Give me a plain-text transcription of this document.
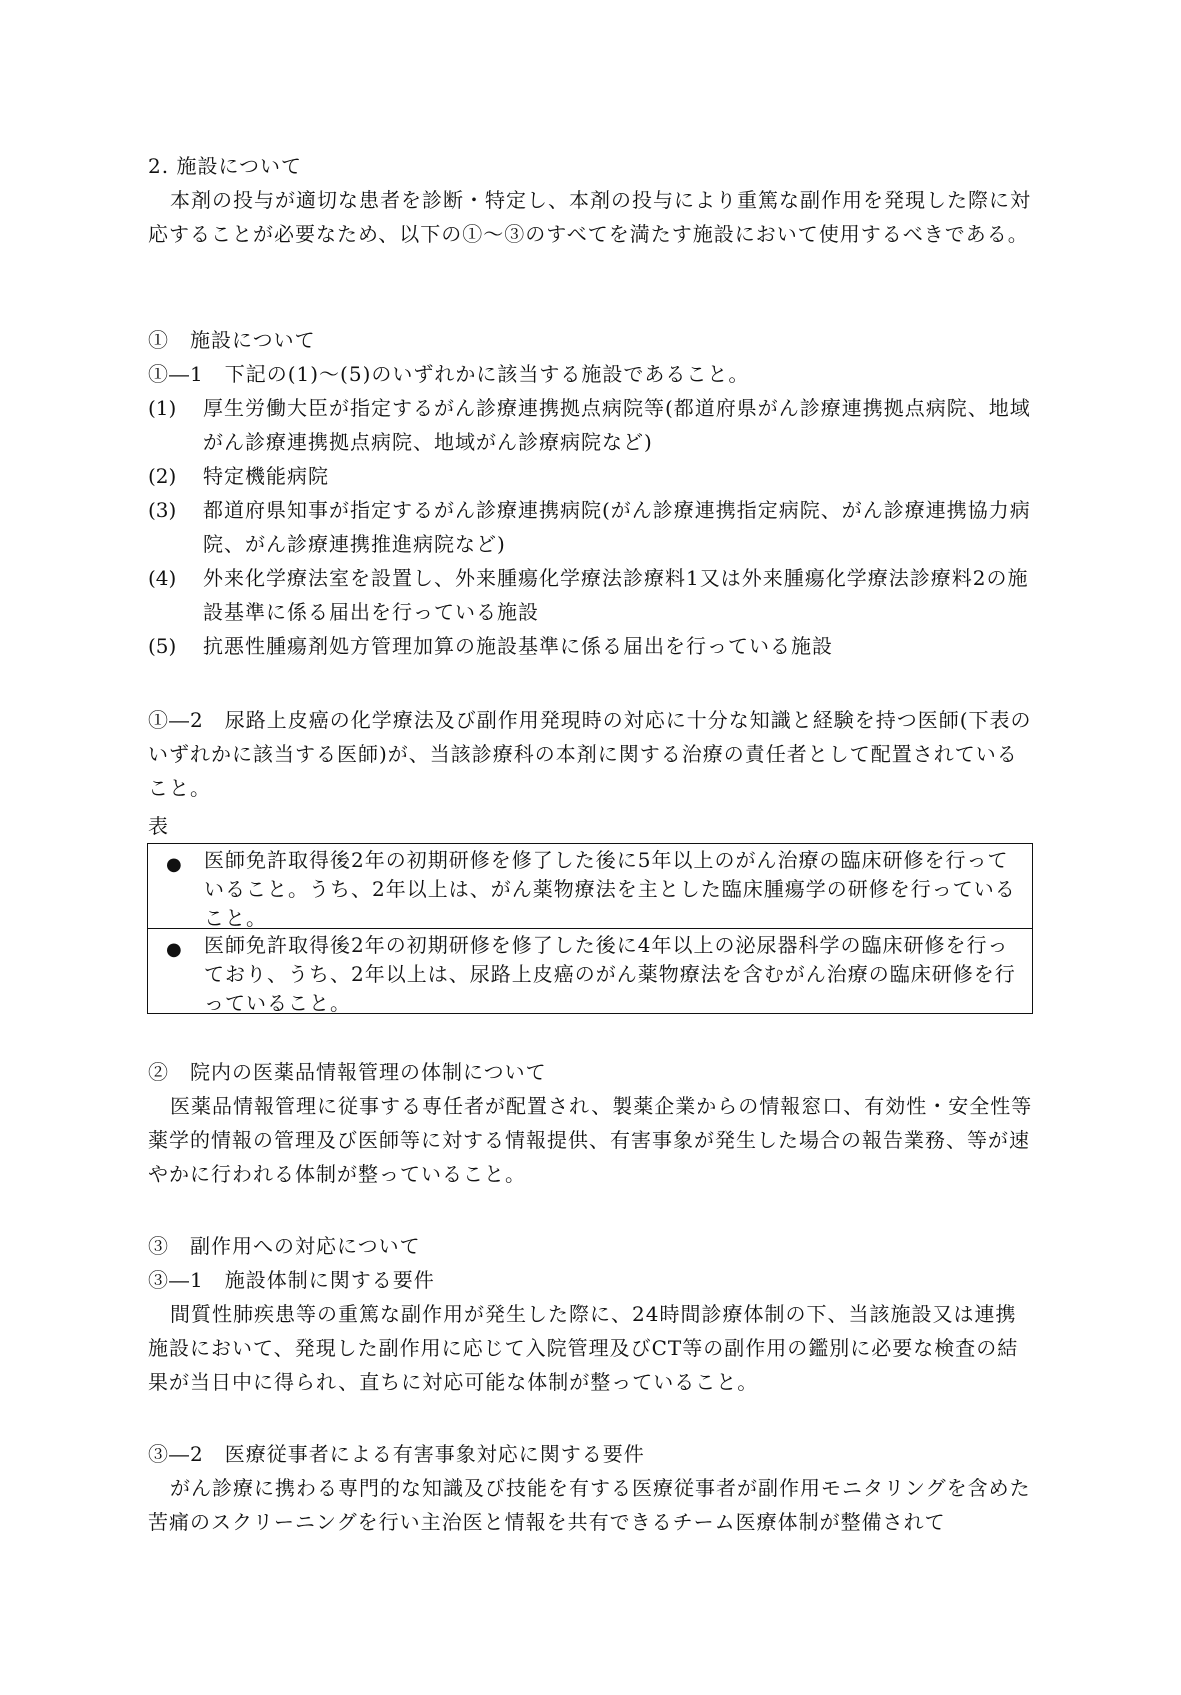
2. 施設について
本剤の投与が適切な患者を診断・特定し、本剤の投与により重篤な副作用を発現した際に対応することが必要なため、以下の①～③のすべてを満たす施設において使用するべきである。
①　施設について
①―1　下記の(1)～(5)のいずれかに該当する施設であること。
(1) 厚生労働大臣が指定するがん診療連携拠点病院等(都道府県がん診療連携拠点病院、地域がん診療連携拠点病院、地域がん診療病院など)
(2) 特定機能病院
(3) 都道府県知事が指定するがん診療連携病院(がん診療連携指定病院、がん診療連携協力病院、がん診療連携推進病院など)
(4) 外来化学療法室を設置し、外来腫瘍化学療法診療料1又は外来腫瘍化学療法診療料2の施設基準に係る届出を行っている施設
(5) 抗悪性腫瘍剤処方管理加算の施設基準に係る届出を行っている施設
①―2　尿路上皮癌の化学療法及び副作用発現時の対応に十分な知識と経験を持つ医師(下表のいずれかに該当する医師)が、当該診療科の本剤に関する治療の責任者として配置されていること。
表
● 医師免許取得後2年の初期研修を修了した後に5年以上のがん治療の臨床研修を行っていること。うち、2年以上は、がん薬物療法を主とした臨床腫瘍学の研修を行っていること。

● 医師免許取得後2年の初期研修を修了した後に4年以上の泌尿器科学の臨床研修を行っており、うち、2年以上は、尿路上皮癌のがん薬物療法を含むがん治療の臨床研修を行っていること。
②　院内の医薬品情報管理の体制について
医薬品情報管理に従事する専任者が配置され、製薬企業からの情報窓口、有効性・安全性等薬学的情報の管理及び医師等に対する情報提供、有害事象が発生した場合の報告業務、等が速やかに行われる体制が整っていること。
③　副作用への対応について
③―1　施設体制に関する要件
間質性肺疾患等の重篤な副作用が発生した際に、24時間診療体制の下、当該施設又は連携施設において、発現した副作用に応じて入院管理及びCT等の副作用の鑑別に必要な検査の結果が当日中に得られ、直ちに対応可能な体制が整っていること。
③―2　医療従事者による有害事象対応に関する要件
がん診療に携わる専門的な知識及び技能を有する医療従事者が副作用モニタリングを含めた苦痛のスクリーニングを行い主治医と情報を共有できるチーム医療体制が整備されて
